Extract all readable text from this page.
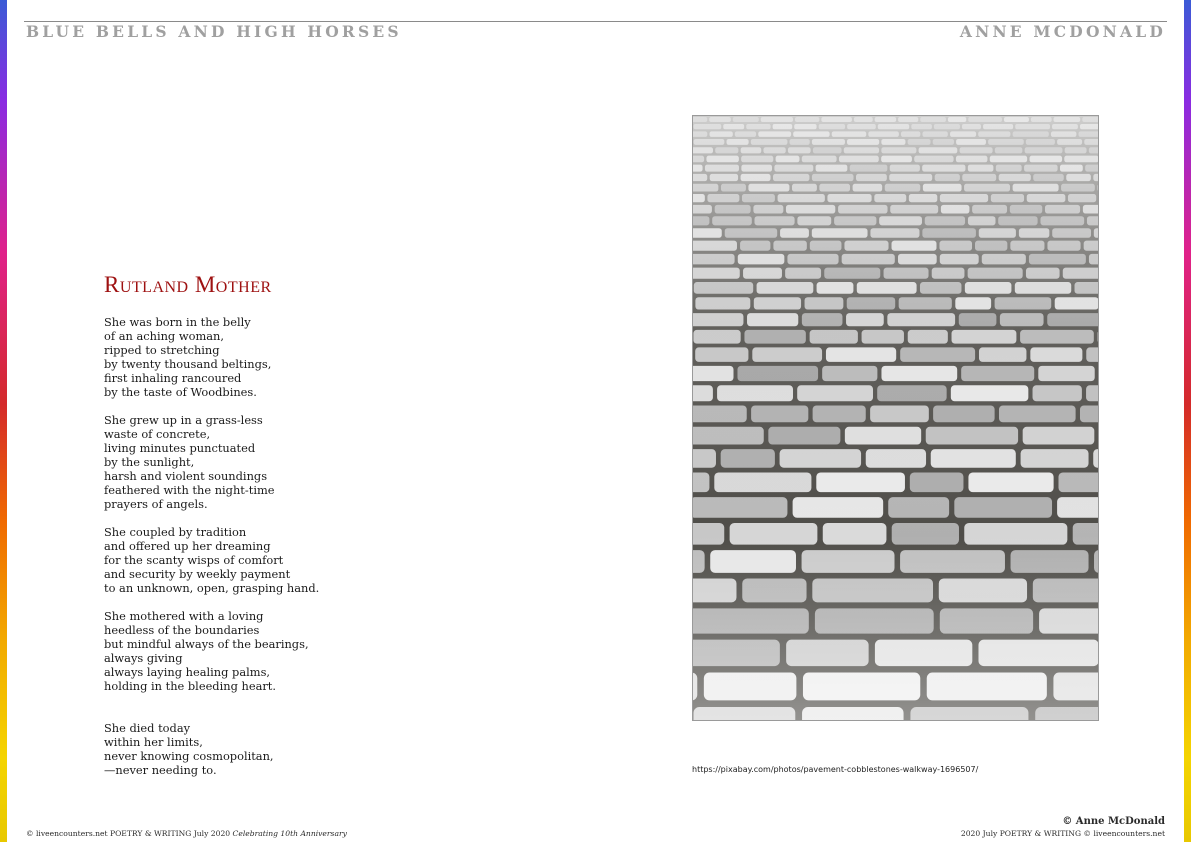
BLUE BELLS AND HIGH HORSES	ANNE MCDONALD
Rutland Mother
She was born in the belly
of an aching woman,
ripped to stretching
by twenty thousand beltings,
first inhaling rancoured
by the taste of Woodbines.
She grew up in a grass-less
waste of concrete,
living minutes punctuated
by the sunlight,
harsh and violent soundings
feathered with the night-time
prayers of angels.
She coupled by tradition
and offered up her dreaming
for the scanty wisps of comfort
and security by weekly payment
to an unknown, open, grasping hand.
She mothered with a loving
heedless of the boundaries
but mindful always of the bearings,
always giving
always laying healing palms,
holding in the bleeding heart.
She died today
within her limits,
never knowing cosmopolitan,
—never needing to.	https://pixabay.com/photos/pavement-cobblestones-walkway-1696507/
© Anne McDonald
© liveencounters.net POETRY & WRITING July 2020 Celebrating 10th Anniversary	2020 July POETRY & WRITING © liveencounters.net
